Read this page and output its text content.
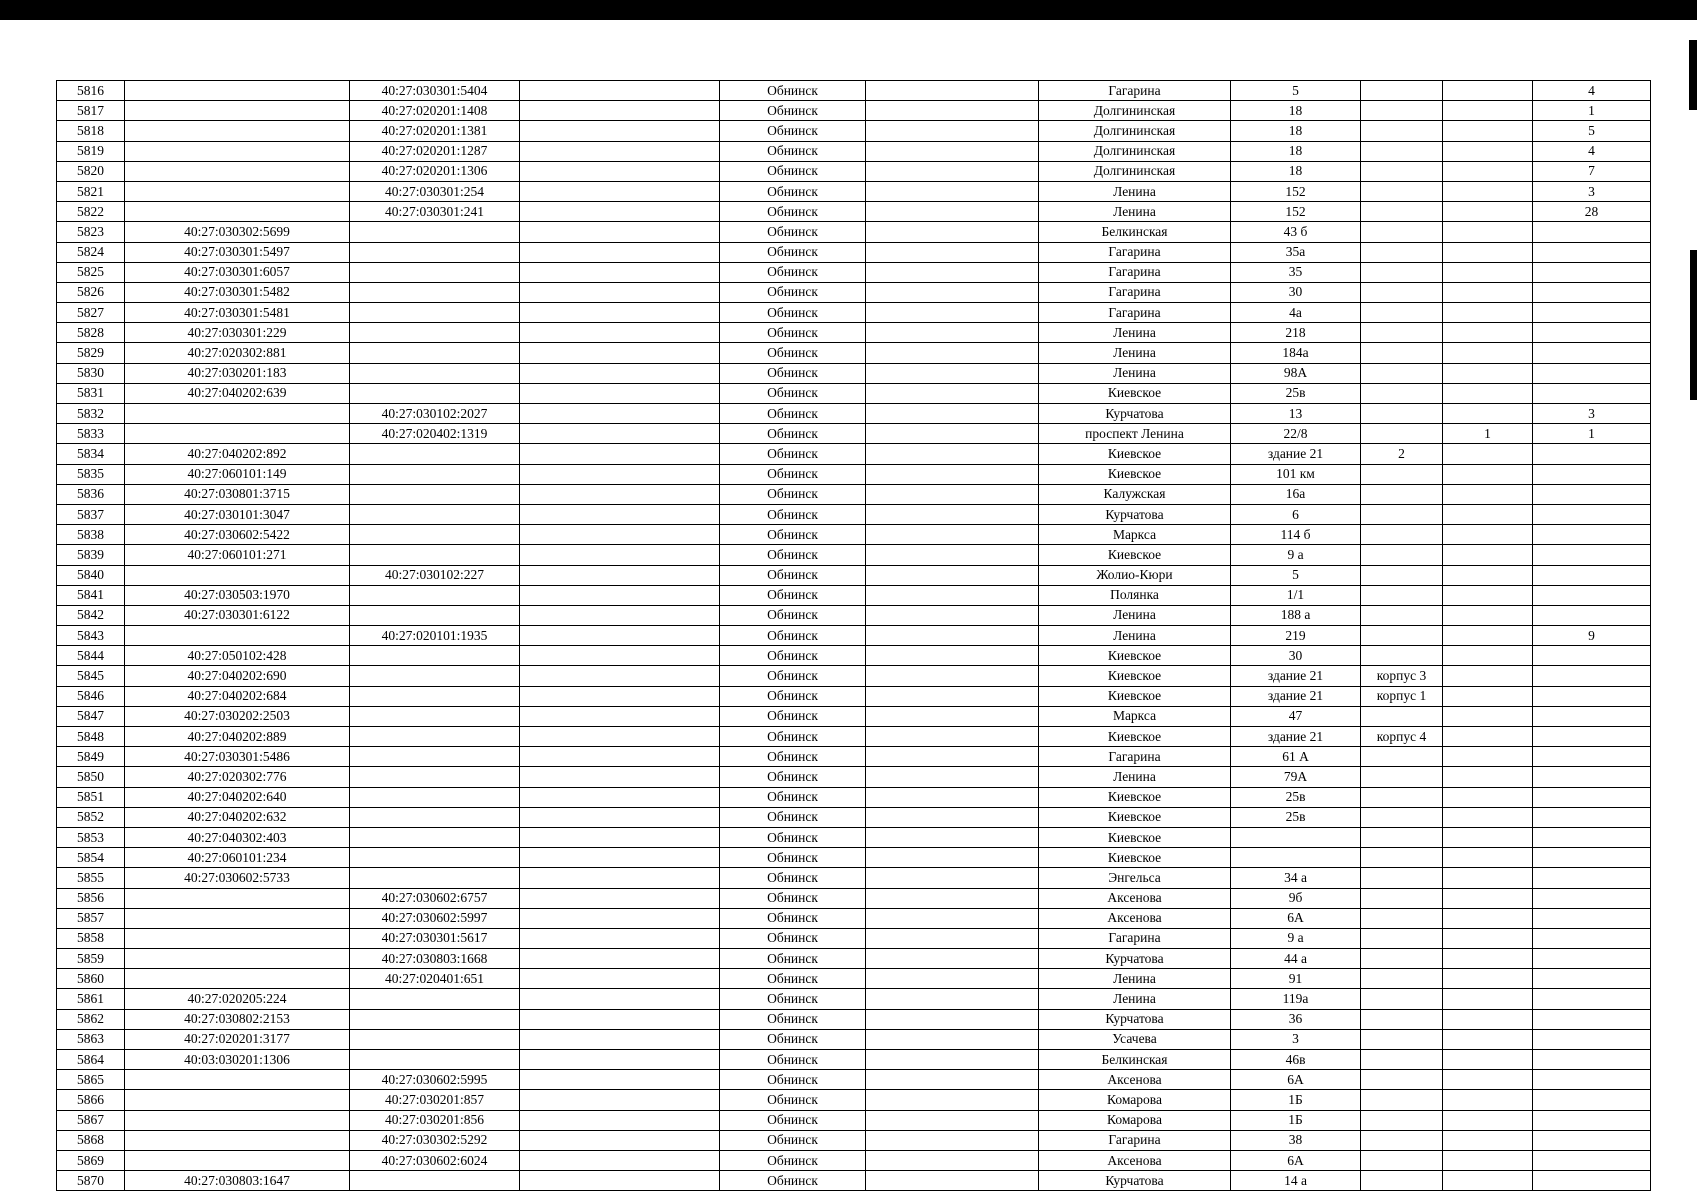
5816		40:27:030301:5404		Обнинск		Гагарина	5			4
5817		40:27:020201:1408		Обнинск		Долгининская	18			1
5818		40:27:020201:1381		Обнинск		Долгининская	18			5
5819		40:27:020201:1287		Обнинск		Долгининская	18			4
5820		40:27:020201:1306		Обнинск		Долгининская	18			7
5821		40:27:030301:254		Обнинск		Ленина	152			3
5822		40:27:030301:241		Обнинск		Ленина	152			28
5823	40:27:030302:5699			Обнинск		Белкинская	43 б			
5824	40:27:030301:5497			Обнинск		Гагарина	35а			
5825	40:27:030301:6057			Обнинск		Гагарина	35			
5826	40:27:030301:5482			Обнинск		Гагарина	30			
5827	40:27:030301:5481			Обнинск		Гагарина	4а			
5828	40:27:030301:229			Обнинск		Ленина	218			
5829	40:27:020302:881			Обнинск		Ленина	184а			
5830	40:27:030201:183			Обнинск		Ленина	98А			
5831	40:27:040202:639			Обнинск		Киевское	25в			
5832		40:27:030102:2027		Обнинск		Курчатова	13			3
5833		40:27:020402:1319		Обнинск		проспект Ленина	22/8		1	1
5834	40:27:040202:892			Обнинск		Киевское	здание 21	2		
5835	40:27:060101:149			Обнинск		Киевское	101 км			
5836	40:27:030801:3715			Обнинск		Калужская	16а			
5837	40:27:030101:3047			Обнинск		Курчатова	6			
5838	40:27:030602:5422			Обнинск		Маркса	114 б			
5839	40:27:060101:271			Обнинск		Киевское	9 а			
5840		40:27:030102:227		Обнинск		Жолио-Кюри	5			
5841	40:27:030503:1970			Обнинск		Полянка	1/1			
5842	40:27:030301:6122			Обнинск		Ленина	188 а			
5843		40:27:020101:1935		Обнинск		Ленина	219			9
5844	40:27:050102:428			Обнинск		Киевское	30			
5845	40:27:040202:690			Обнинск		Киевское	здание 21	корпус 3		
5846	40:27:040202:684			Обнинск		Киевское	здание 21	корпус 1		
5847	40:27:030202:2503			Обнинск		Маркса	47			
5848	40:27:040202:889			Обнинск		Киевское	здание 21	корпус 4		
5849	40:27:030301:5486			Обнинск		Гагарина	61 А			
5850	40:27:020302:776			Обнинск		Ленина	79А			
5851	40:27:040202:640			Обнинск		Киевское	25в			
5852	40:27:040202:632			Обнинск		Киевское	25в			
5853	40:27:040302:403			Обнинск		Киевское				
5854	40:27:060101:234			Обнинск		Киевское				
5855	40:27:030602:5733			Обнинск		Энгельса	34 а			
5856		40:27:030602:6757		Обнинск		Аксенова	9б			
5857		40:27:030602:5997		Обнинск		Аксенова	6А			
5858		40:27:030301:5617		Обнинск		Гагарина	9 а			
5859		40:27:030803:1668		Обнинск		Курчатова	44 а			
5860		40:27:020401:651		Обнинск		Ленина	91			
5861	40:27:020205:224			Обнинск		Ленина	119а			
5862	40:27:030802:2153			Обнинск		Курчатова	36			
5863	40:27:020201:3177			Обнинск		Усачева	3			
5864	40:03:030201:1306			Обнинск		Белкинская	46в			
5865		40:27:030602:5995		Обнинск		Аксенова	6А			
5866		40:27:030201:857		Обнинск		Комарова	1Б			
5867		40:27:030201:856		Обнинск		Комарова	1Б			
5868		40:27:030302:5292		Обнинск		Гагарина	38			
5869		40:27:030602:6024		Обнинск		Аксенова	6А			
5870	40:27:030803:1647			Обнинск		Курчатова	14 а			
